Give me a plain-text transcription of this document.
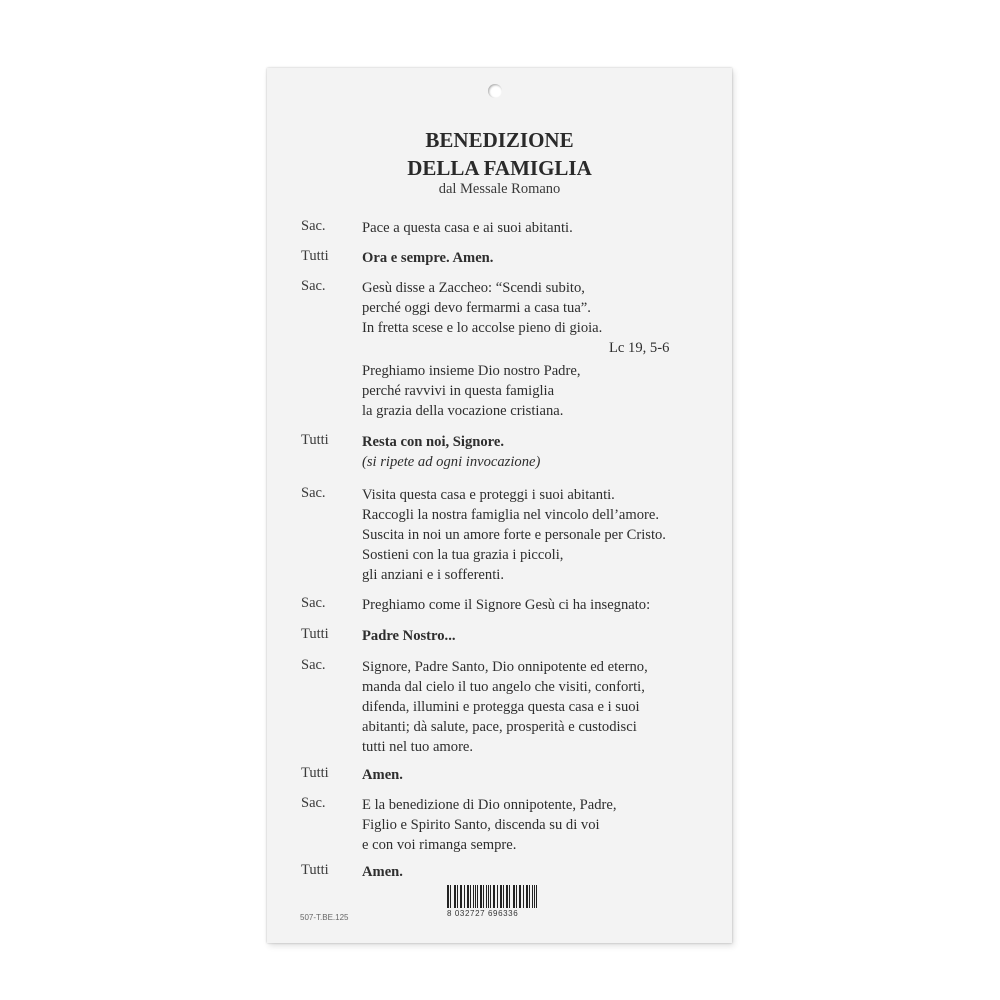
BENEDIZIONE
DELLA FAMIGLIA
dal Messale Romano
Sac. Pace a questa casa e ai suoi abitanti.
Tutti Ora e sempre. Amen.
Sac. Gesù disse a Zaccheo: “Scendi subito,
perché oggi devo fermarmi a casa tua”.
In fretta scese e lo accolse pieno di gioia.
Lc 19, 5-6
Preghiamo insieme Dio nostro Padre,
perché ravvivi in questa famiglia
la grazia della vocazione cristiana.
Tutti Resta con noi, Signore.
(si ripete ad ogni invocazione)
Sac. Visita questa casa e proteggi i suoi abitanti.
Raccogli la nostra famiglia nel vincolo dell’amore.
Suscita in noi un amore forte e personale per Cristo.
Sostieni con la tua grazia i piccoli,
gli anziani e i sofferenti.
Sac. Preghiamo come il Signore Gesù ci ha insegnato:
Tutti Padre Nostro...
Sac. Signore, Padre Santo, Dio onnipotente ed eterno,
manda dal cielo il tuo angelo che visiti, conforti,
difenda, illumini e protegga questa casa e i suoi
abitanti; dà salute, pace, prosperità e custodisci
tutti nel tuo amore.
Tutti Amen.
Sac. E la benedizione di Dio onnipotente, Padre,
Figlio e Spirito Santo, discenda su di voi
e con voi rimanga sempre.
Tutti Amen.
507-T.BE.125	8 032727 696336
